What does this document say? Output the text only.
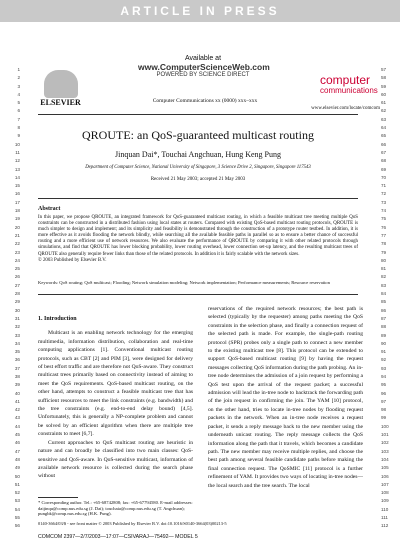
ARTICLE IN PRESS
Available at
www.ComputerScienceWeb.com
POWERED BY SCIENCE DIRECT
ELSEVIER
computer
communications
Computer Communications xx (0000) xxx–xxx
www.elsevier.com/locate/comcom
QROUTE: an QoS-guaranteed multicast routing
Jinquan Dai*, Touchai Angchuan, Hung Keng Pung
Department of Computer Science, National University of Singapore, 3 Science Drive 2, Singapore, Singapore 117543
Received 21 May 2003; accepted 21 May 2003
Abstract
In this paper, we propose QROUTE, an integrated framework for QoS-guaranteed multicast routing, in which a feasible multicast tree meeting multiple QoS constraints can be constructed in a distributed fashion using local states at routers. Compared with existing QoS-based multicast routing protocols, QROUTE is much simpler to design and implement; and its simplicity and feasibility is demonstrated through the construction of a prototype router testbed. In addition, it is more effective as it avoids flooding the network blindly, while searching all the available feasible paths in parallel so as to ensure a better chance of successful routing and a more efficient use of network resources. We also evaluate the performance of QROUTE by comparing it with other related protocols through simulations, and find that QROUTE has lower blocking probability, lower routing overhead, lower connection set-up latency, and the resulting multicast trees of QROUTE also generally require fewer links than those of the related protocols. In addition it is fairly scalable with the network sizes.
© 2003 Published by Elsevier B.V.
Keywords: QoS routing; QoS multicast; Flooding; Network simulation modeling; Network implementation; Performance measurements; Resource reservation
1. Introduction

Multicast is an enabling network technology for the emerging multimedia, information distribution, collaboration and real-time computing applications [1]. Conventional multicast routing protocols, such as CBT [2] and PIM [3], were designed for delivery of best effort traffic and are therefore not QoS-aware. They construct multicast trees primarily based on connectivity instead of aiming to meet the QoS requirements. QoS-based multicast routing, on the other hand, attempts to construct a feasible multicast tree that has sufficient resources to meet the link constraints (e.g. bandwidth) and the tree constraints (e.g. end-to-end delay bound) [4,5]. Unfortunately, this is generally a NP-complete problem and cannot be solved by an efficient algorithm when there are multiple tree constraints to meet [6,7].

Current approaches to QoS multicast routing are heuristic in nature and can broadly be classified into two main classes: QoS-sensitive and QoS-aware. In QoS-sensitive multicast, information of available network resource is collected during the search phase without

reservations of the required network resources; the best path is selected (typically by the requester) among paths meeting the QoS constraints in the selection phase, and finally a connection request of the selected path is made. For example, the single-path routing protocol (SPR) probes only a single path to connect a new member to the existing multicast tree [8]. This protocol can be extended to support QoS-based multicast routing [9] by having the request messages collecting QoS information during the path probing. An in-tree node determines the admission of a join request by performing a QoS test upon the arrival of the request packet; a successful admission will lead the in-tree node to backtrack the forwarding path of the join request in confirming the join. The YAM [10] protocol, on the other hand, tries to locate in-tree nodes by flooding request packets in the network. When an in-tree node receives a request packet, it sends a reply message back to the new member using the underneath unicast routing. The reply message collects the QoS information along the path that it travels, which becomes a candidate path. The new member may receive multiple replies, and choose the best path among several feasible candidate paths before making the final connection request. The QoSMIC [11] protocol is a further refinement of YAM. It provides two ways of locating in-tree nodes—the local search and the tree search. The local

* Corresponding author. Tel.: +65-68742808; fax: +65-67794580. E-mail addresses: daijinqu@comp.nus.edu.sg (J. Dai); touchaia@comp.nus.edu.sg (T. Angchuan); pungbk@comp.nus.edu.sg (H.K. Pung).
0140-3664/03/$ - see front matter © 2003 Published by Elsevier B.V. doi:10.1016/S0140-3664(03)00213-5
COMCOM 2397—2/7/2003—17:07—CSIVARAJ—75492— MODEL 5
1
2
3
4
5
6
7
8
9
10
11
12
13
14
15
16
17
18
19
20
21
22
23
24
25
26
27
28
29
30
31
32
33
34
35
36
37
38
39
40
41
42
43
44
45
46
47
48
49
50
51
52
53
54
55
56
57
58
59
60
61
62
63
64
65
66
67
68
69
70
71
72
73
74
75
76
77
78
79
80
81
82
83
84
85
86
87
88
89
90
91
92
93
94
95
96
97
98
99
100
101
102
103
104
105
106
107
108
109
110
111
112
